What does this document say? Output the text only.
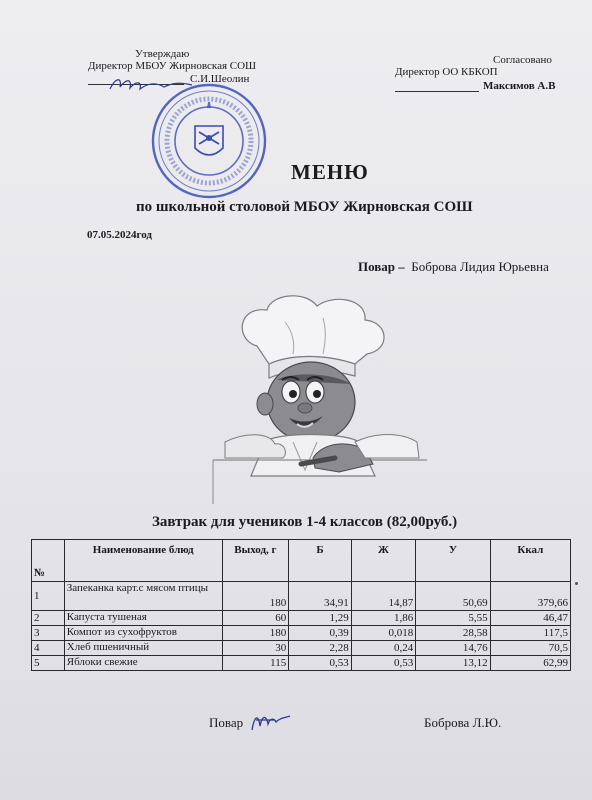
Утверждаю
Директор МБОУ Жирновская СОШ
С.И.Шеолин
Согласовано
Директор ОО КБКОП
Максимов А.В
МЕНЮ
по школьной столовой МБОУ Жирновская СОШ
07.05.2024год
Повар – Боброва Лидия Юрьевна
Завтрак для учеников 1-4 классов (82,00руб.)
№	Наименование блюд	Выход, г	Б	Ж	У	Ккал
1	Запеканка карт.с мясом птицы	180	34,91	14,87	50,69	379,66
2	Капуста тушеная	60	1,29	1,86	5,55	46,47
3	Компот из сухофруктов	180	0,39	0,018	28,58	117,5
4	Хлеб пшеничный	30	2,28	0,24	14,76	70,5
5	Яблоки свежие	115	0,53	0,53	13,12	62,99
Повар	Боброва Л.Ю.
